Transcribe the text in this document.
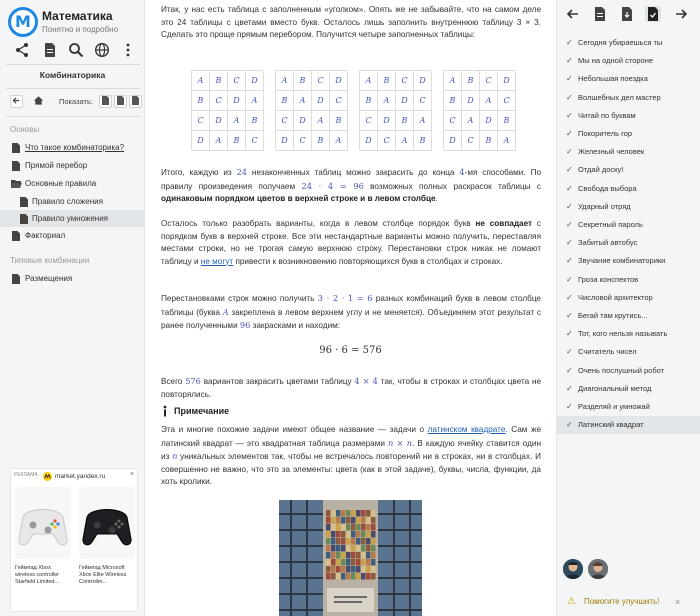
М Математика
Понятно и подробно
Комбинаторика
Показать:
Основы
Что такое комбинаторика?
Прямой перебор
Основные правила
Правило сложения
Правило умножения
Факториал
Типовые комбинации
Размещения
РЕКЛАМА	market.yandex.ru	×
Геймпад Xbox wireless controller Starfield Limited...
Геймпад Microsoft Xbox Elite Wireless Controller...
Итак, у нас есть таблица с заполненным «уголком». Опять же не забывайте, что на самом деле это 24 таблицы с цветами вместо букв. Осталось лишь заполнить внутреннюю таблицу 3 × 3. Сделать это проще прямым перебором. Получится четыре заполненных таблицы:
A	B	C	D
B	C	D	A
C	D	A	B
D	A	B	C
A	B	C	D
B	A	D	C
C	D	A	B
D	C	B	A
A	B	C	D
B	A	D	C
C	D	B	A
D	C	A	B
A	B	C	D
B	D	A	C
C	A	D	B
D	C	B	A
Итого, каждую из 24 незаконченных таблиц можно закрасить до конца 4-мя способами. По правилу произведения получаем 24 · 4 = 96 возможных полных раскрасок таблицы с одинаковым порядком цветов в верхней строке и в левом столбце.
Осталось только разобрать варианты, когда в левом столбце порядок букв не совпадает с порядком букв в верхней строке. Все эти нестандартные варианты можно получить, переставляя местами строки, но не трогая самую верхнюю строку. Перестановки строк никак не ломают таблицу и не могут привести к возникновению повторяющихся букв в столбцах и строках.
Перестановками строк можно получить 3 · 2 · 1 = 6 разных комбинаций букв в левом столбце таблицы (буква A закреплена в левом верхнем углу и не меняется). Объединяем этот результат с ранее полученными 96 закрасками и находим:
96 · 6 = 576
Всего 576 вариантов закрасить цветами таблицу 4 × 4 так, чтобы в строках и столбцах цвета не повторялись.
Примечание
Эта и многие похожие задачи имеют общее название — задачи о латинском квадрате. Сам же латинский квадрат — это квадратная таблица размерами n × n. В каждую ячейку ставится один из n уникальных элементов так, чтобы не встречалось повторений ни в строках, ни в столбцах. И совершенно не важно, что это за элементы: цвета (как в этой задаче), буквы, числа, функции, да хоть кролики.
✓ Сегодня убираешься ты
✓ Мы на одной стороне
✓ Небольшая поездка
✓ Волшебных дел мастер
✓ Читай по буквам
✓ Покоритель гор
✓ Железный человек
✓ Отдай доску!
✓ Свобода выбора
✓ Ударный отряд
✓ Секретный пароль
✓ Забитый автобус
✓ Звучание комбинаторики
✓ Гроза конспектов
✓ Числовой архитектор
✓ Бегай там крутись...
✓ Тот, кого нельзя называть
✓ Считатель чисел
✓ Очень послушный робот
✓ Диагональный метод
✓ Разделяй и умножай
✓ Латинский квадрат
⚠ Помогите улучшить! ×
